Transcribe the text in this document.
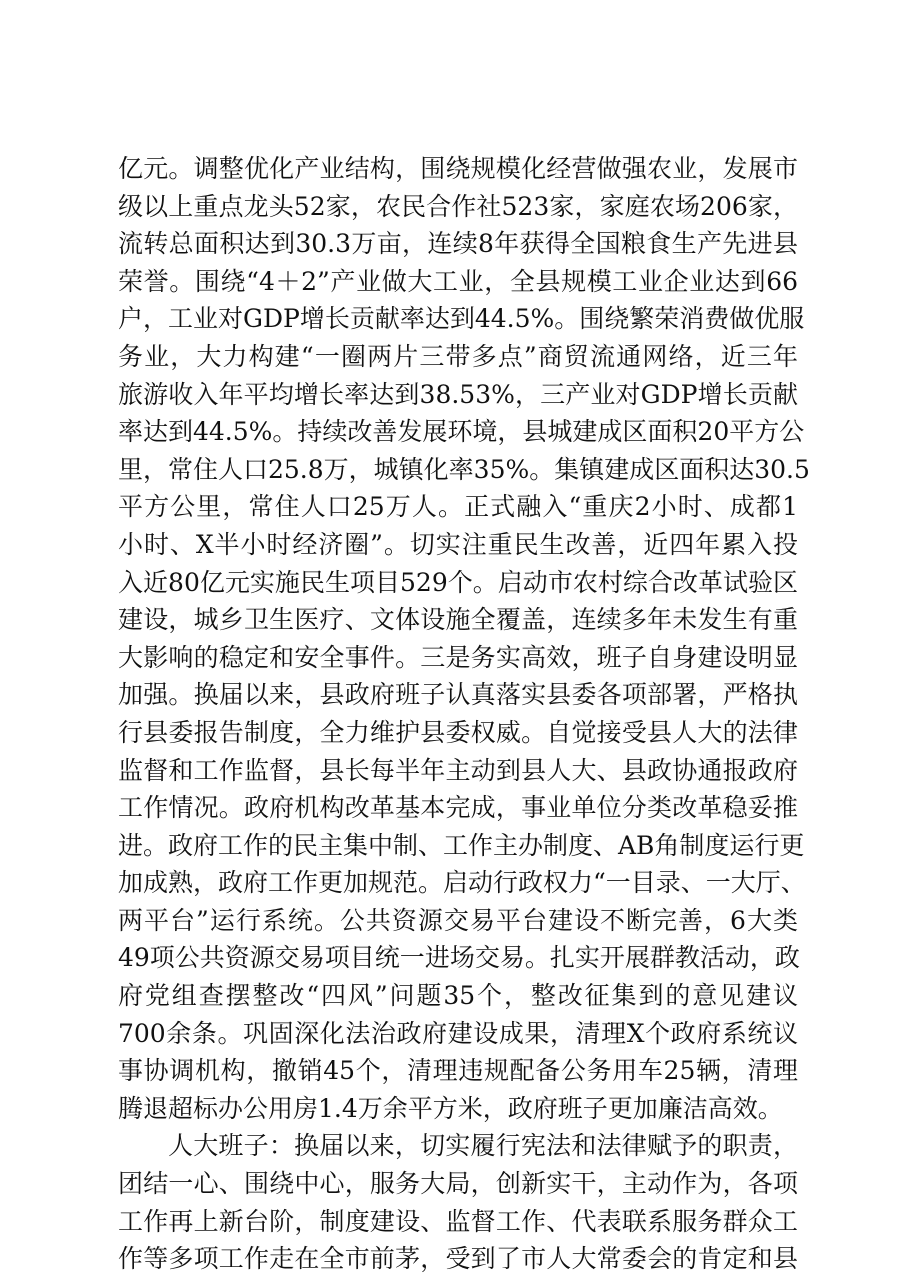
亿元。调整优化产业结构，围绕规模化经营做强农业，发展市
级以上重点龙头52家，农民合作社523家，家庭农场206家，
流转总面积达到30.3万亩，连续8年获得全国粮食生产先进县
荣誉。围绕“4＋2”产业做大工业，全县规模工业企业达到66
户，工业对GDP增长贡献率达到44.5%。围绕繁荣消费做优服
务业，大力构建“一圈两片三带多点”商贸流通网络，近三年
旅游收入年平均增长率达到38.53%，三产业对GDP增长贡献
率达到44.5%。持续改善发展环境，县城建成区面积20平方公
里，常住人口25.8万，城镇化率35%。集镇建成区面积达30.5
平方公里，常住人口25万人。正式融入“重庆2小时、成都1
小时、X半小时经济圈”。切实注重民生改善，近四年累入投
入近80亿元实施民生项目529个。启动市农村综合改革试验区
建设，城乡卫生医疗、文体设施全覆盖，连续多年未发生有重
大影响的稳定和安全事件。三是务实高效，班子自身建设明显
加强。换届以来，县政府班子认真落实县委各项部署，严格执
行县委报告制度，全力维护县委权威。自觉接受县人大的法律
监督和工作监督，县长每半年主动到县人大、县政协通报政府
工作情况。政府机构改革基本完成，事业单位分类改革稳妥推
进。政府工作的民主集中制、工作主办制度、AB角制度运行更
加成熟，政府工作更加规范。启动行政权力“一目录、一大厅、
两平台”运行系统。公共资源交易平台建设不断完善，6大类
49项公共资源交易项目统一进场交易。扎实开展群教活动，政
府党组查摆整改“四风”问题35个，整改征集到的意见建议
700余条。巩固深化法治政府建设成果，清理X个政府系统议
事协调机构，撤销45个，清理违规配备公务用车25辆，清理
腾退超标办公用房1.4万余平方米，政府班子更加廉洁高效。
人大班子：换届以来，切实履行宪法和法律赋予的职责，
团结一心、围绕中心，服务大局，创新实干，主动作为，各项
工作再上新台阶，制度建设、监督工作、代表联系服务群众工
作等多项工作走在全市前茅，受到了市人大常委会的肯定和县
